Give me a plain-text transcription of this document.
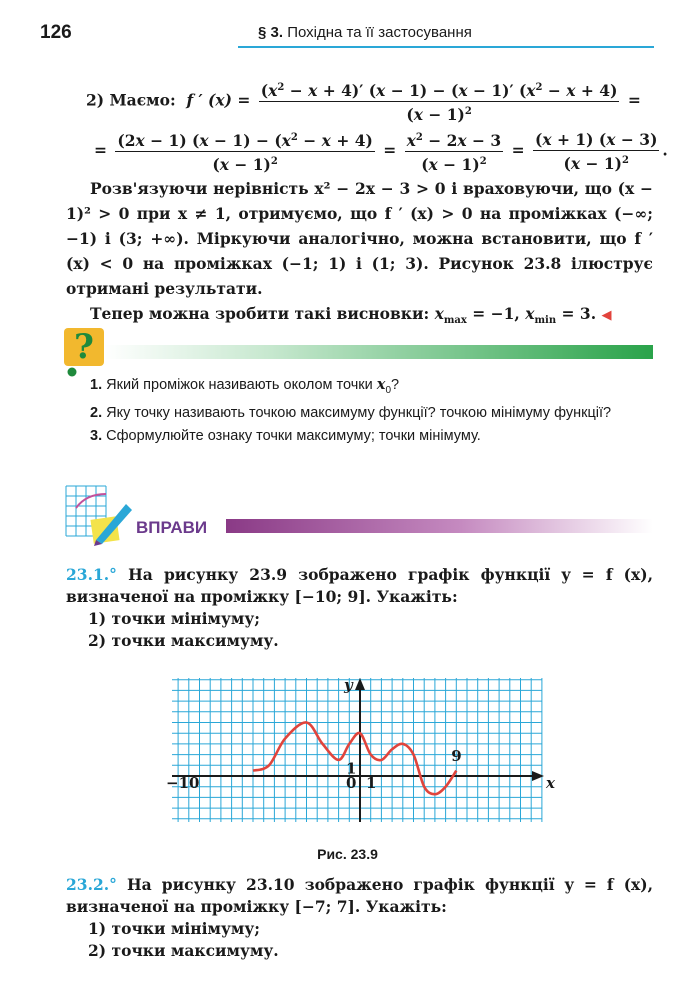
126	§ 3. Похідна та її застосування
2) Маємо:  f ′ $(x) = \frac{(x^2 - x + 4)' (x - 1) - (x - 1)' (x^2 - x + 4)}{(x - 1)^2}$ =
= $\frac{(2x - 1) (x - 1) - (x^2 - x + 4)}{(x - 1)^2} = \frac{x^2 - 2x - 3}{(x - 1)^2} = \frac{(x + 1) (x - 3)}{(x - 1)^2}$ .

Розв'язуючи нерівність x² − 2x − 3 > 0 і враховуючи, що (x − 1)² > 0 при x ≠ 1, отримуємо, що f ′ (x) > 0 на проміжках (−∞; −1) і (3; +∞). Міркуючи аналогічно, можна встановити, що f ′ (x) < 0 на проміжках (−1; 1) і (1; 3). Рисунок 23.8 ілюструє отримані результати.

Тепер можна зробити такі висновки: $x_{max} = -1$, $x_{min} = 3$. ◀

?
1. Який проміжок називають околом точки $x_0$?
2. Яку точку називають точкою максимуму функції? точкою мінімуму функції?
3. Сформулюйте ознаку точки максимуму; точки мінімуму.
ВПРАВИ
23.1.° На рисунку 23.9 зображено графік функції y = f (x), визначеної на проміжку [−10; 9]. Укажіть:
1) точки мінімуму;
2) точки максимуму.
−10	0 1
1
9
x
y
Рис. 23.9
23.2.° На рисунку 23.10 зображено графік функції y = f (x), визначеної на проміжку [−7; 7]. Укажіть:
1) точки мінімуму;
2) точки максимуму.
